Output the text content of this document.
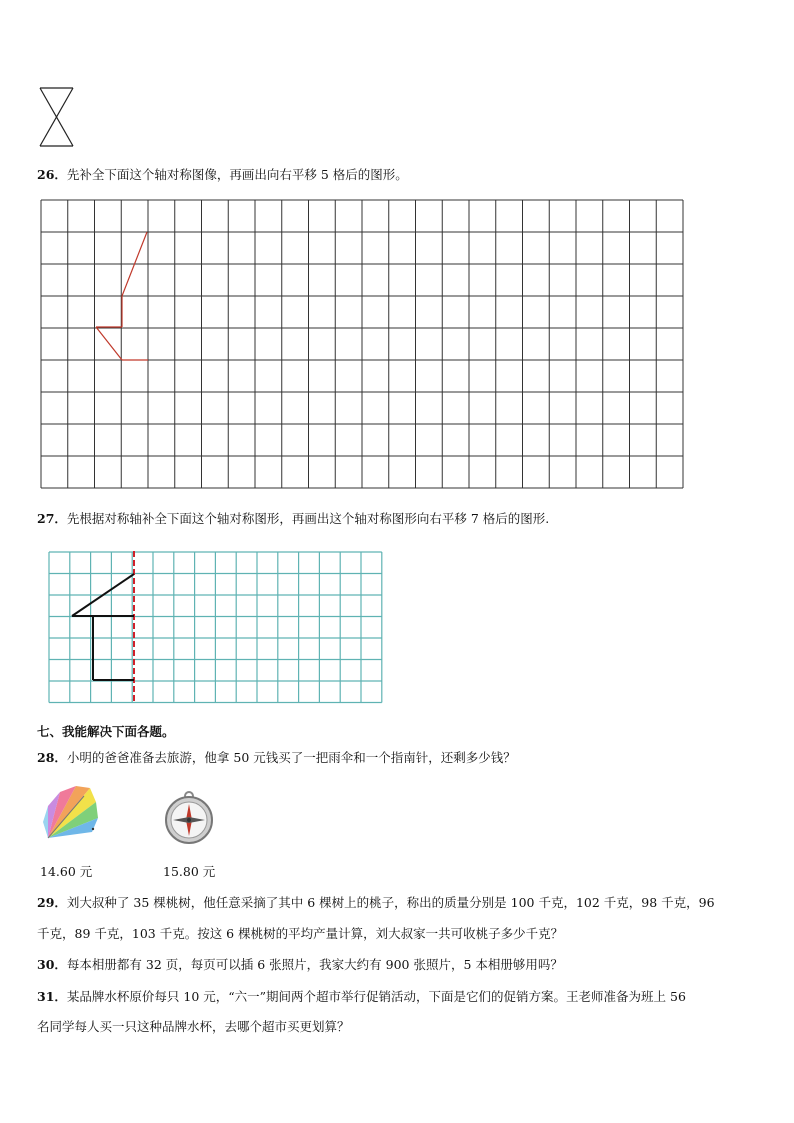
26．先补全下面这个轴对称图像，再画出向右平移 5 格后的图形。
27．先根据对称轴补全下面这个轴对称图形，再画出这个轴对称图形向右平移 7 格后的图形.
七、我能解决下面各题。
28．小明的爸爸准备去旅游，他拿 50 元钱买了一把雨伞和一个指南针，还剩多少钱？
14.60 元	15.80 元
29．刘大叔种了 35 棵桃树，他任意采摘了其中 6 棵树上的桃子，称出的质量分别是 100 千克，102 千克，98 千克，96
千克，89 千克，103 千克。按这 6 棵桃树的平均产量计算，刘大叔家一共可收桃子多少千克？
30．每本相册都有 32 页，每页可以插 6 张照片，我家大约有 900 张照片，5 本相册够用吗？
31．某品牌水杯原价每只 10 元，“六一”期间两个超市举行促销活动，下面是它们的促销方案。王老师准备为班上 56
名同学每人买一只这种品牌水杯，去哪个超市买更划算？
